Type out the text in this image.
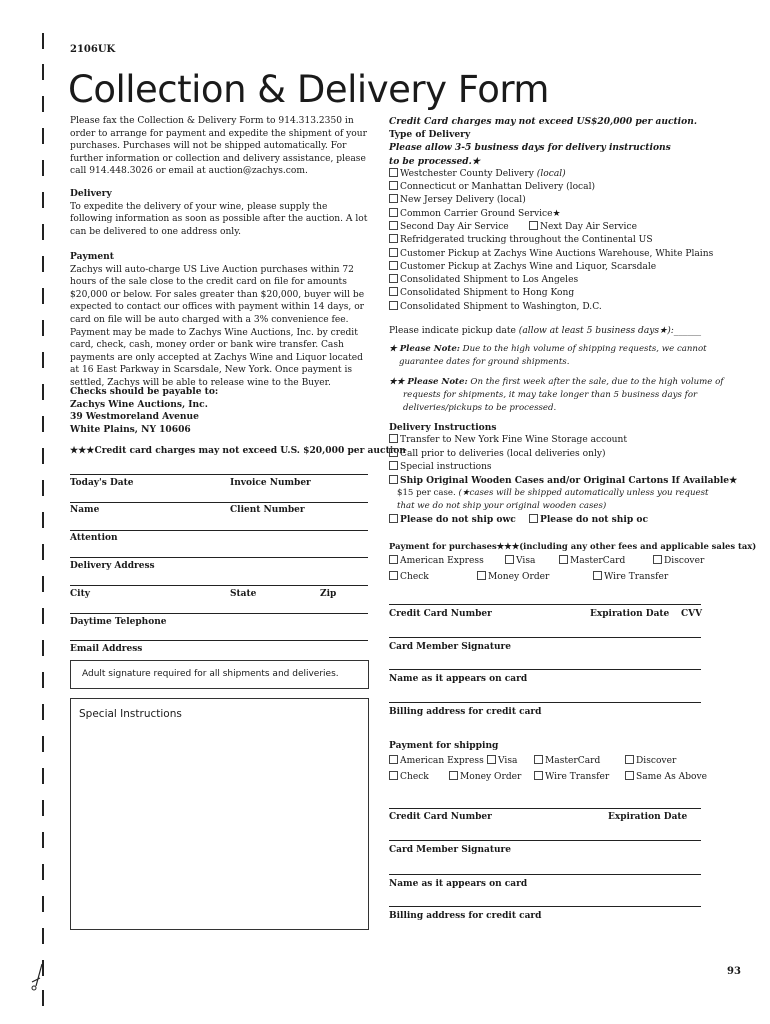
2106UK
Collection & Delivery Form

Please fax the Collection & Delivery Form to 914.313.2350 in order to arrange for payment and expedite the shipment of your purchases. Purchases will not be shipped automatically. For further information or collection and delivery assistance, please call 914.448.3026 or email at auction@zachys.com.

Delivery

To expedite the delivery of your wine, please supply the following information as soon as possible after the auction. A lot can be delivered to one address only.

Payment

Zachys will auto-charge US Live Auction purchases within 72 hours of the sale close to the credit card on file for amounts $20,000 or below. For sales greater than $20,000, buyer will be expected to contact our offices with payment within 14 days, or card on file will be auto charged with a 3% convenience fee. Payment may be made to Zachys Wine Auctions, Inc. by credit card, check, cash, money order or bank wire transfer. Cash payments are only accepted at Zachys Wine and Liquor located at 16 East Parkway in Scarsdale, New York. Once payment is settled, Zachys will be able to release wine to the Buyer.

Checks should be payable to:

Zachys Wine Auctions, Inc.

39 Westmoreland Avenue

White Plains, NY 10606

★★★Credit card charges may not exceed U.S. $20,000 per auction
Today's Date	Invoice Number
Name	Client Number
Attention
Delivery Address
City	State	Zip
Daytime Telephone
Email Address
Adult signature required for all shipments and deliveries.
Special Instructions

Credit Card charges may not exceed US$20,000 per auction.

Type of Delivery

Please allow 3-5 business days for delivery instructions

to be processed.★

Westchester County Delivery (local)
Connecticut or Manhattan Delivery (local)
New Jersey Delivery (local)
Common Carrier Ground Service★
Second Day Air Service	Next Day Air Service
Refridgerated trucking throughout the Continental US
Customer Pickup at Zachys Wine Auctions Warehouse, White Plains
Customer Pickup at Zachys Wine and Liquor, Scarsdale
Consolidated Shipment to Los Angeles
Consolidated Shipment to Hong Kong
Consolidated Shipment to Washington, D.C.
Please indicate pickup date (allow at least 5 business days★):______
★ Please Note: Due to the high volume of shipping requests, we cannot guarantee dates for ground shipments.
★★ Please Note: On the first week after the sale, due to the high volume of requests for shipments, it may take longer than 5 business days for deliveries/pickups to be processed.

Delivery Instructions

Transfer to New York Fine Wine Storage account
Call prior to deliveries (local deliveries only)
Special instructions
Ship Original Wooden Cases and/or Original Cartons If Available★
$15 per case. (★cases will be shipped automatically unless you request that we do not ship your original wooden cases)
Please do not ship owc	Please do not ship oc
Payment for purchases★★★(including any other fees and applicable sales tax)
American Express	Visa	MasterCard	Discover
Check	Money Order	Wire Transfer
Credit Card Number	Expiration Date CVV
Card Member Signature
Name as it appears on card
Billing address for credit card
Payment for shipping
American Express	Visa	MasterCard	Discover
Check	Money Order	Wire Transfer	Same As Above
Credit Card Number	Expiration Date
Card Member Signature
Name as it appears on card
Billing address for credit card
93
